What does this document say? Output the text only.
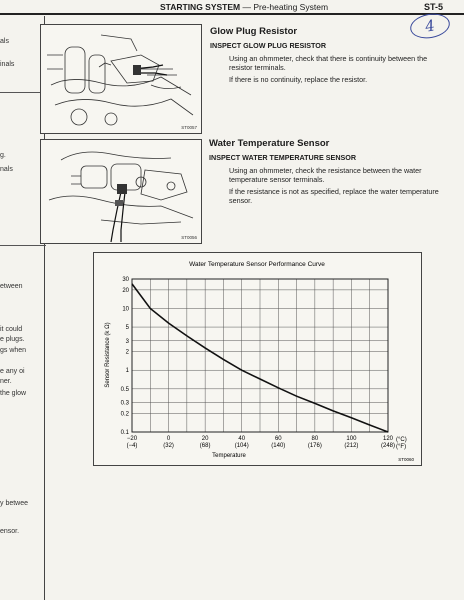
STARTING SYSTEM — Pre-heating System	ST-5
4
als
inals
g.
nals
etween
it could
e plugs.
gs when
e any oi
ner.
the glow
y betwee
ensor.
ST0057
Glow Plug Resistor
INSPECT GLOW PLUG RESISTOR
Using an ohmmeter, check that there is continuity between the resistor terminals.
If there is no continuity, replace the resistor.
ST0056
Water Temperature Sensor
INSPECT WATER TEMPERATURE SENSOR
Using an ohmmeter, check the resistance between the water temperature sensor terminals.
If the resistance is not as specified, replace the water temperature sensor.
Water Temperature Sensor Performance Curve
30
20
10
5
3
2
1
0.5
0.3
0.2
0.1
−20
(−4)
0
(32)
20
(68)
40
(104)
60
(140)
80
(176)
100
(212)
120
(248)
(°C)
(°F)
Temperature
Sensor Resistance (k Ω)
ST0060
